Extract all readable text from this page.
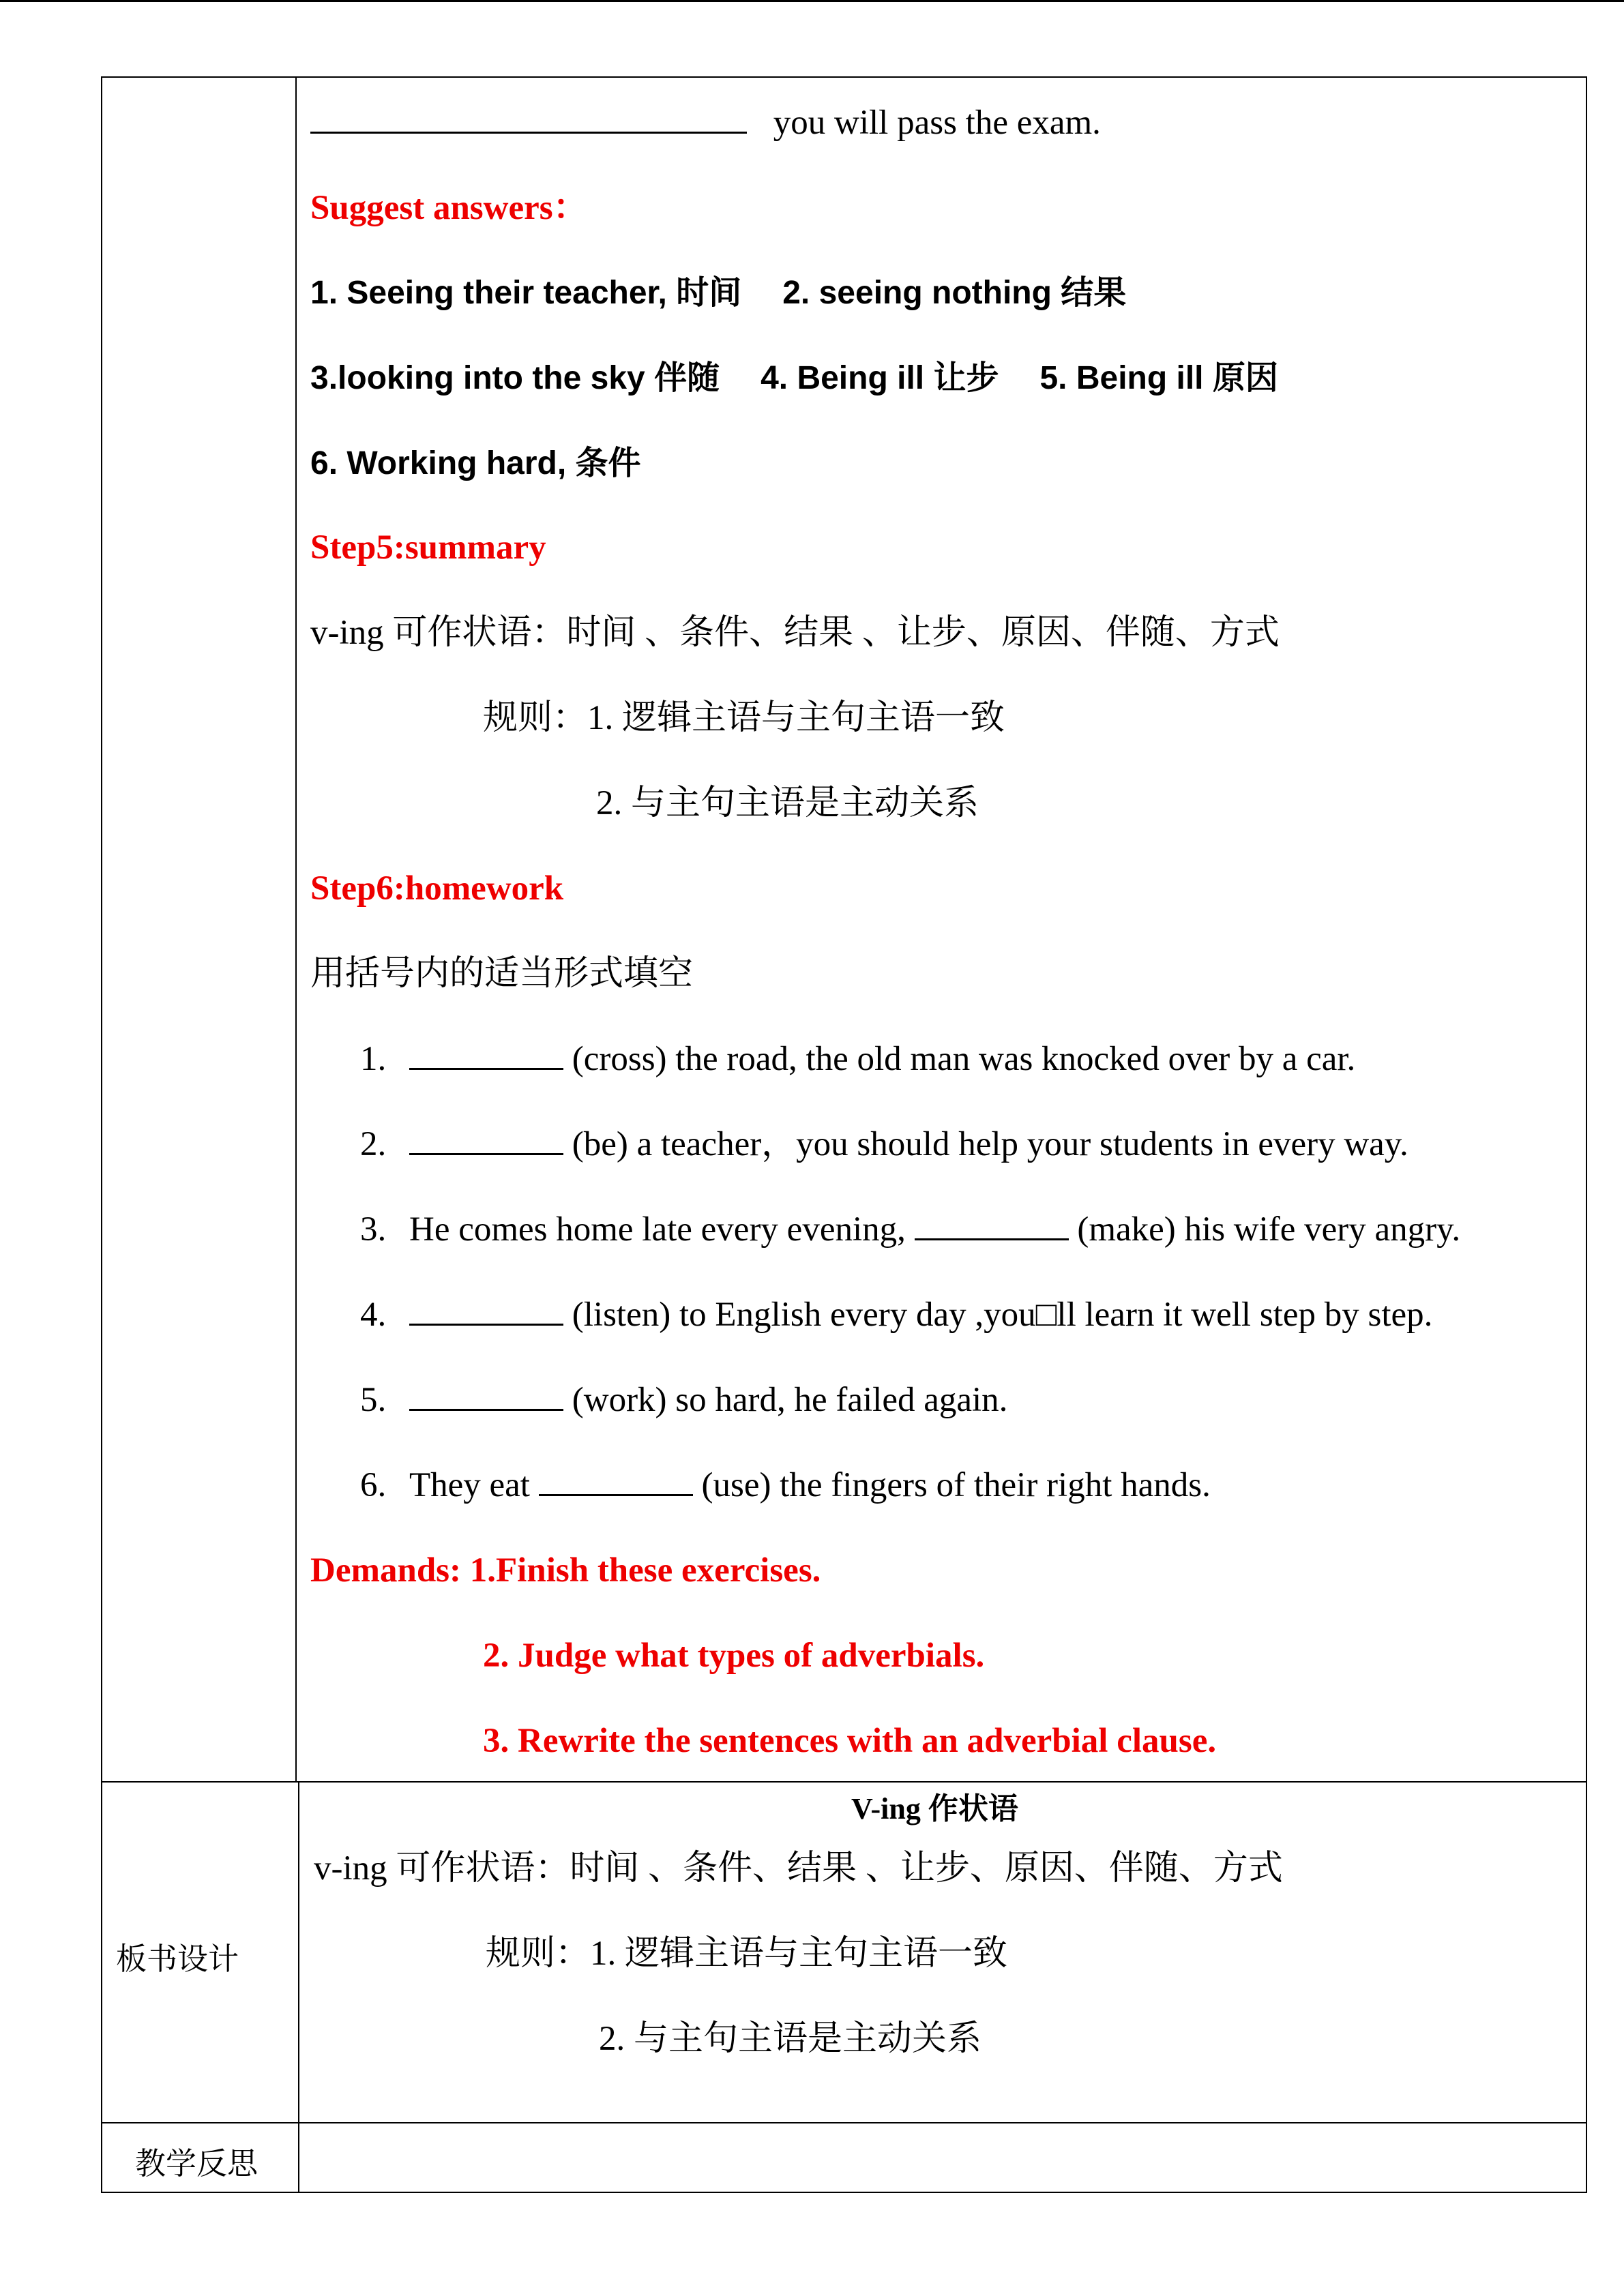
you will pass the exam.
Suggest answers：
1. Seeing their teacher, 时间 2. seeing nothing 结果
3.looking into the sky 伴随 4. Being ill 让步 5. Being ill 原因
6. Working hard, 条件
Step5:summary
v-ing 可作状语：时间 、条件、结果 、让步、原因、伴随、方式
规则：1. 逻辑主语与主句主语一致
2. 与主句主语是主动关系
Step6:homework
用括号内的适当形式填空
1.	(cross) the road, the old man was knocked over by a car.
2.	(be) a teacher，you should help your students in every way.
3. He comes home late every evening,	(make) his wife very angry.
4.	(listen) to English every day ,you□ll learn it well step by step.
5.	(work) so hard, he failed again.
6. They eat	(use) the fingers of their right hands.
Demands: 1.Finish these exercises.
2. Judge what types of adverbials.
3. Rewrite the sentences with an adverbial clause.
板书设计
V-ing 作状语
v-ing 可作状语：时间 、条件、结果 、让步、原因、伴随、方式
规则：1. 逻辑主语与主句主语一致
2. 与主句主语是主动关系
教学反思
